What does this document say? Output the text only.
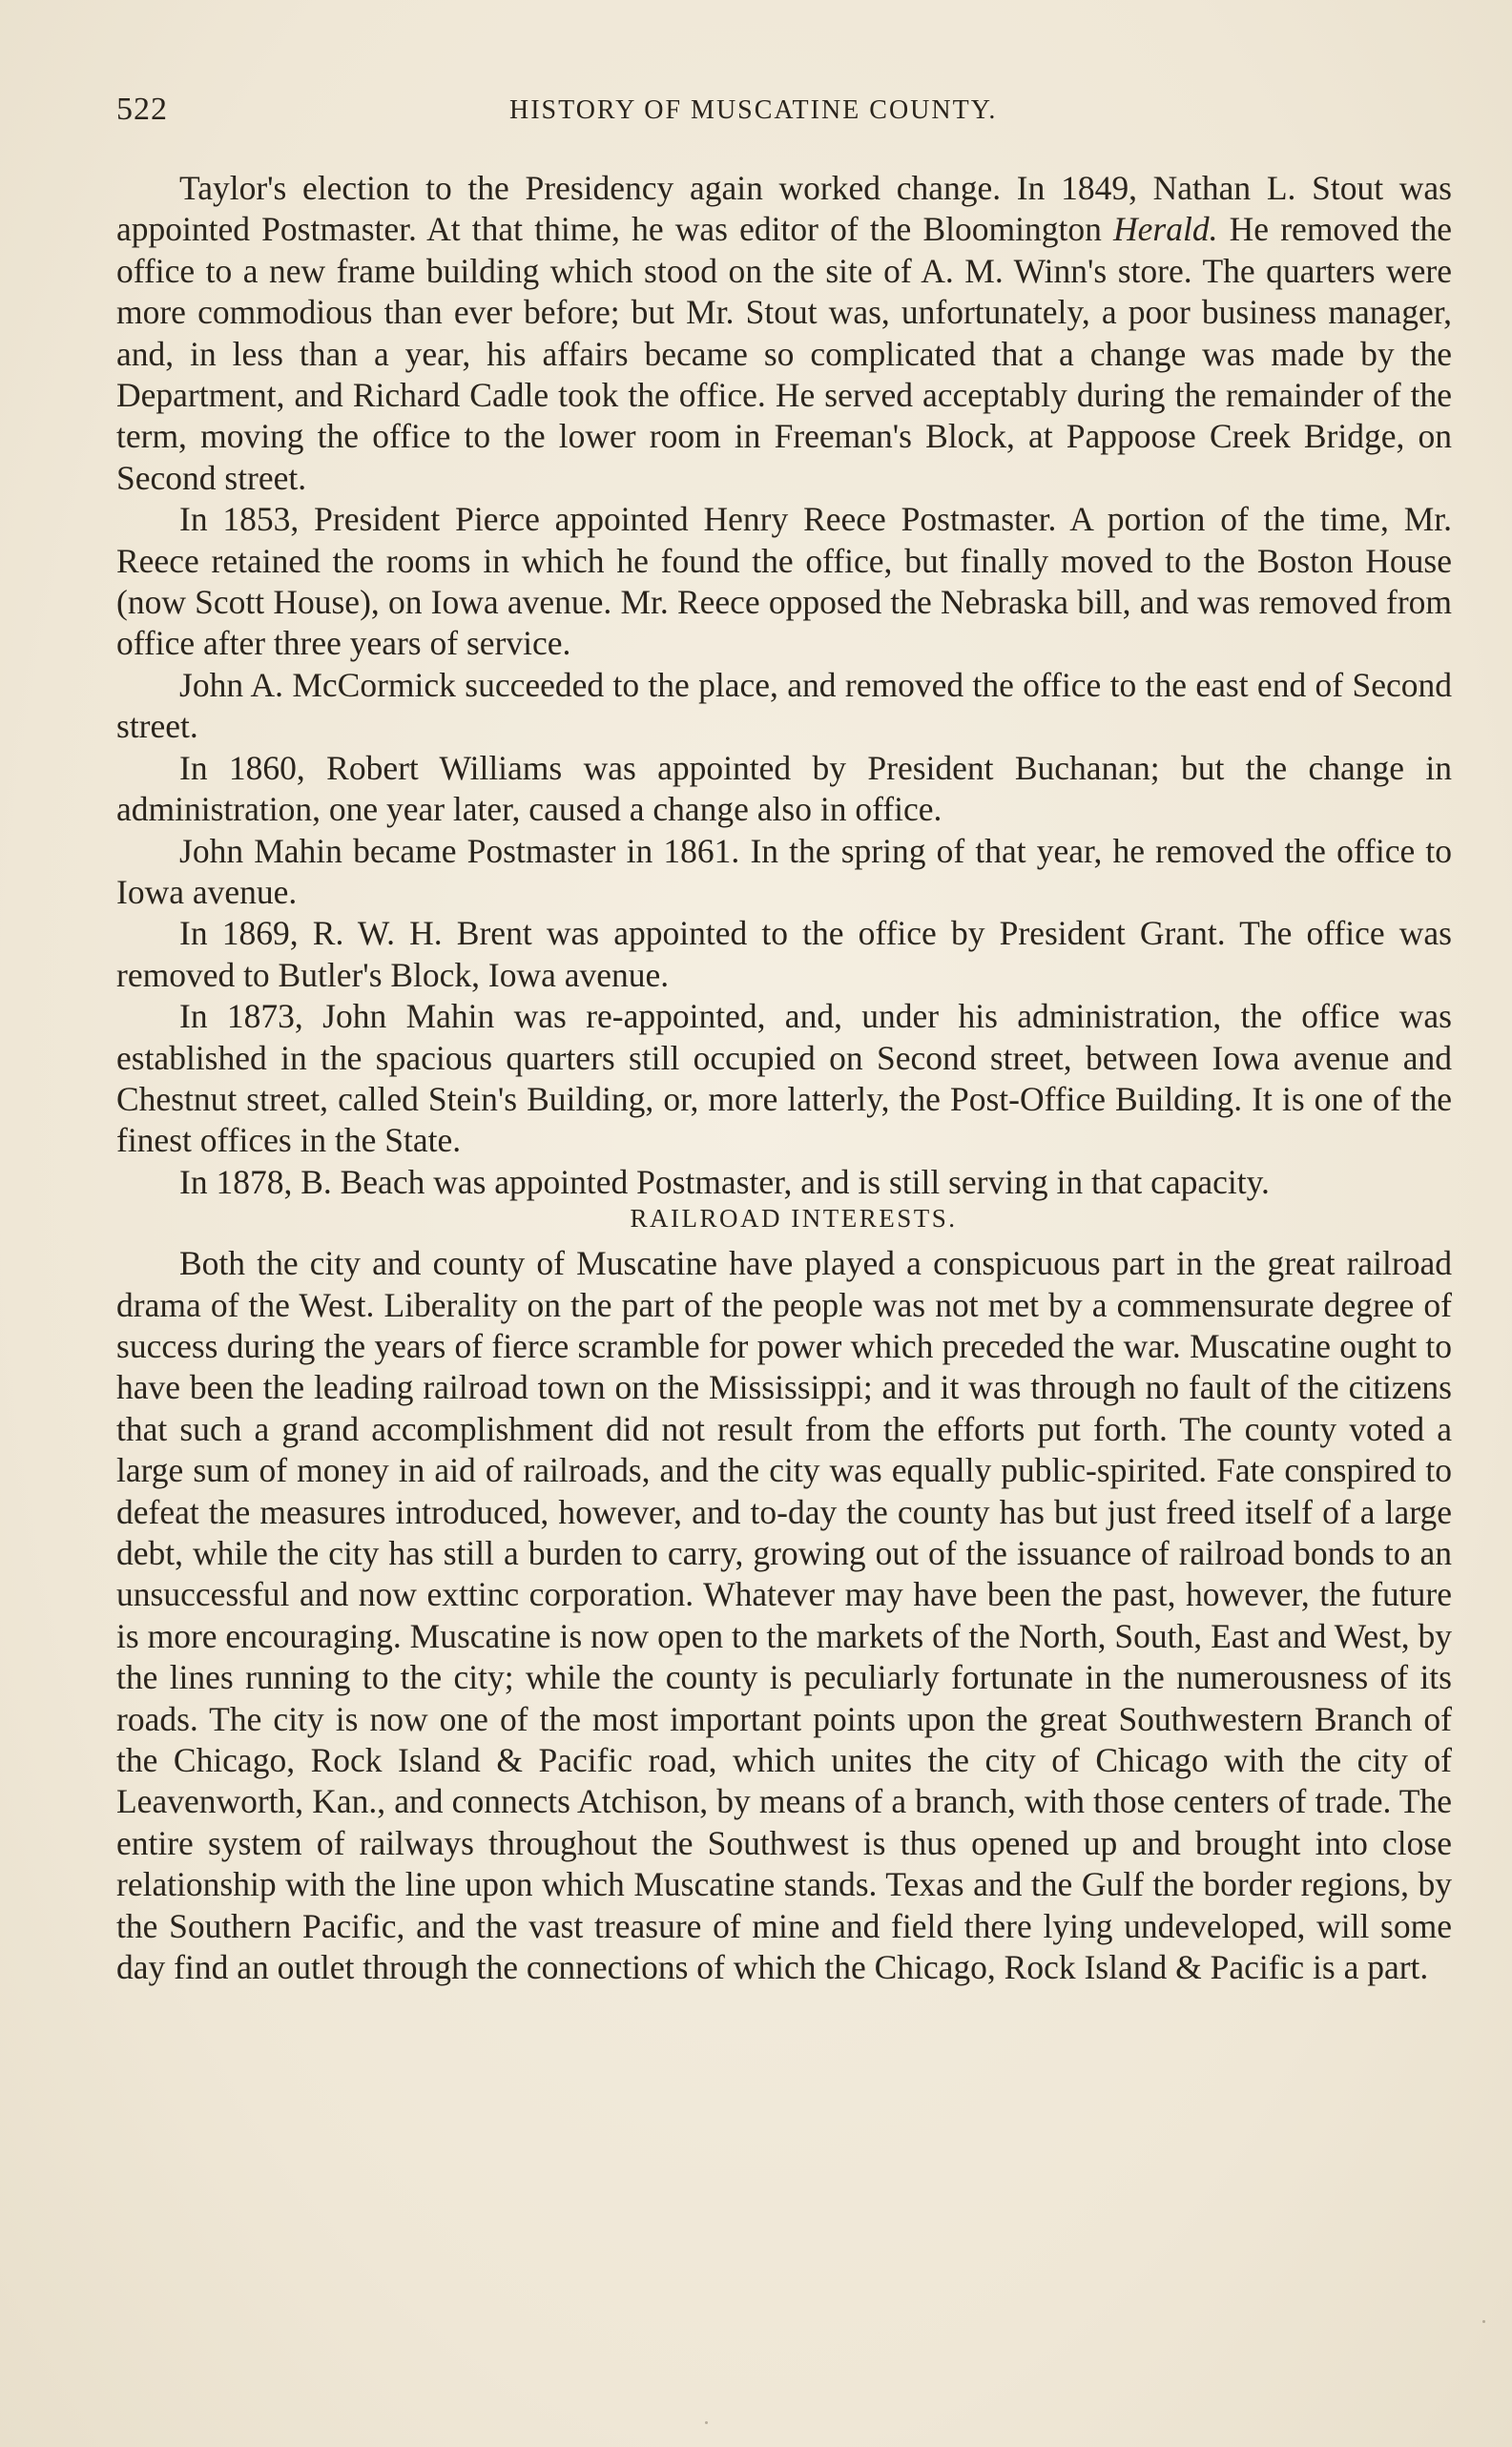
522	HISTORY OF MUSCATINE COUNTY.

Taylor's election to the Presidency again worked change. In 1849, Nathan L. Stout was appointed Postmaster. At that thime, he was editor of the Bloomington Herald. He removed the office to a new frame building which stood on the site of A. M. Winn's store. The quarters were more commodious than ever before; but Mr. Stout was, unfortunately, a poor business manager, and, in less than a year, his affairs became so complicated that a change was made by the Department, and Richard Cadle took the office. He served acceptably during the remainder of the term, moving the office to the lower room in Freeman's Block, at Pappoose Creek Bridge, on Second street.

In 1853, President Pierce appointed Henry Reece Postmaster. A portion of the time, Mr. Reece retained the rooms in which he found the office, but finally moved to the Boston House (now Scott House), on Iowa avenue. Mr. Reece opposed the Nebraska bill, and was removed from office after three years of service.

John A. McCormick succeeded to the place, and removed the office to the east end of Second street.

In 1860, Robert Williams was appointed by President Buchanan; but the change in administration, one year later, caused a change also in office.

John Mahin became Postmaster in 1861. In the spring of that year, he removed the office to Iowa avenue.

In 1869, R. W. H. Brent was appointed to the office by President Grant. The office was removed to Butler's Block, Iowa avenue.

In 1873, John Mahin was re-appointed, and, under his administration, the office was established in the spacious quarters still occupied on Second street, between Iowa avenue and Chestnut street, called Stein's Building, or, more latterly, the Post-Office Building. It is one of the finest offices in the State.

In 1878, B. Beach was appointed Postmaster, and is still serving in that capacity.

RAILROAD INTERESTS.

Both the city and county of Muscatine have played a conspicuous part in the great railroad drama of the West. Liberality on the part of the people was not met by a commensurate degree of success during the years of fierce scramble for power which preceded the war. Muscatine ought to have been the leading railroad town on the Mississippi; and it was through no fault of the citizens that such a grand accomplishment did not result from the efforts put forth. The county voted a large sum of money in aid of railroads, and the city was equally public-spirited. Fate conspired to defeat the measures introduced, however, and to-day the county has but just freed itself of a large debt, while the city has still a burden to carry, growing out of the issuance of railroad bonds to an unsuccessful and now exttinc corporation. Whatever may have been the past, however, the future is more encouraging. Muscatine is now open to the markets of the North, South, East and West, by the lines running to the city; while the county is peculiarly fortunate in the numerousness of its roads. The city is now one of the most important points upon the great Southwestern Branch of the Chicago, Rock Island & Pacific road, which unites the city of Chicago with the city of Leavenworth, Kan., and connects Atchison, by means of a branch, with those centers of trade. The entire system of railways throughout the Southwest is thus opened up and brought into close relationship with the line upon which Muscatine stands. Texas and the Gulf the border regions, by the Southern Pacific, and the vast treasure of mine and field there lying undeveloped, will some day find an outlet through the connections of which the Chicago, Rock Island & Pacific is a part.
